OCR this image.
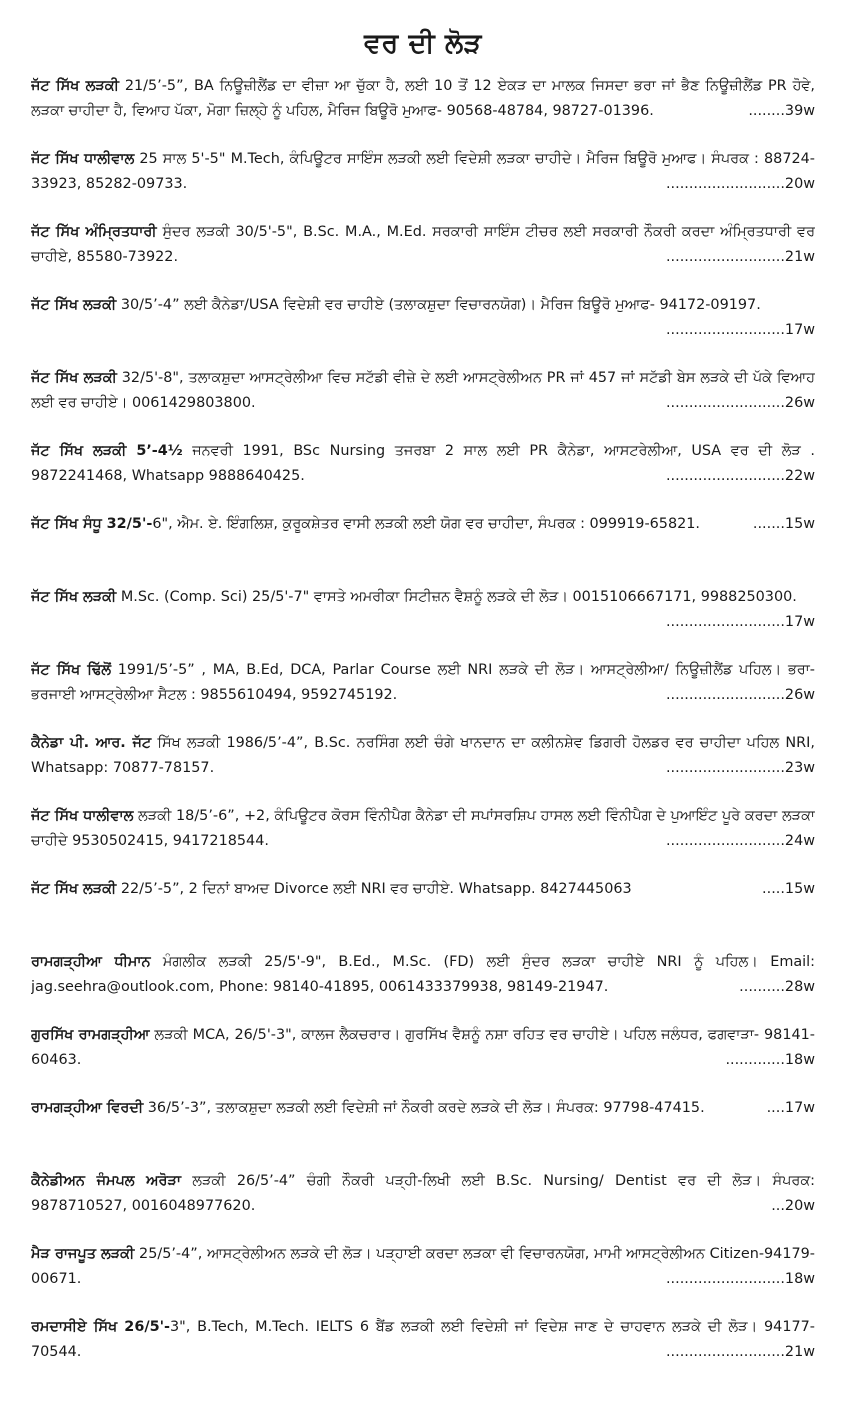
ਵਰ ਦੀ ਲੋੜ

ਜੱਟ ਸਿੱਖ ਲੜਕੀ 21/5’-5”, BA ਨਿਊਜ਼ੀਲੈਂਡ ਦਾ ਵੀਜ਼ਾ ਆ ਚੁੱਕਾ ਹੈ, ਲਈ 10 ਤੋਂ 12 ਏਕੜ ਦਾ ਮਾਲਕ ਜਿਸਦਾ ਭਰਾ ਜਾਂ ਭੈਣ ਨਿਊਜ਼ੀਲੈਂਡ PR ਹੋਵੇ, ਲੜਕਾ ਚਾਹੀਦਾ ਹੈ, ਵਿਆਹ ਪੱਕਾ, ਮੋਗਾ ਜ਼ਿਲ੍ਹੇ ਨੂੰ ਪਹਿਲ, ਮੈਰਿਜ ਬਿਊਰੋ ਮੁਆਫ- 90568-48784, 98727-01396.	........39w

ਜੱਟ ਸਿੱਖ ਧਾਲੀਵਾਲ 25 ਸਾਲ 5'-5" M.Tech, ਕੰਪਿਊਟਰ ਸਾਇੰਸ ਲੜਕੀ ਲਈ ਵਿਦੇਸ਼ੀ ਲੜਕਾ ਚਾਹੀਦੇ। ਮੈਰਿਜ ਬਿਊਰੋ ਮੁਆਫ। ਸੰਪਰਕ : 88724-33923, 85282-09733.	..........................20w

ਜੱਟ ਸਿੱਖ ਅੰਮ੍ਰਿਤਧਾਰੀ ਸੁੰਦਰ ਲੜਕੀ 30/5'-5", B.Sc. M.A., M.Ed. ਸਰਕਾਰੀ ਸਾਇੰਸ ਟੀਚਰ ਲਈ ਸਰਕਾਰੀ ਨੌਕਰੀ ਕਰਦਾ ਅੰਮ੍ਰਿਤਧਾਰੀ ਵਰ ਚਾਹੀਏ, 85580-73922.	..........................21w

ਜੱਟ ਸਿੱਖ ਲੜਕੀ 30/5’-4” ਲਈ ਕੈਨੇਡਾ/USA ਵਿਦੇਸ਼ੀ ਵਰ ਚਾਹੀਏ (ਤਲਾਕਸ਼ੁਦਾ ਵਿਚਾਰਨਯੋਗ)। ਮੈਰਿਜ ਬਿਊਰੋ ਮੁਆਫ- 94172-09197.
..........................17w

ਜੱਟ ਸਿੱਖ ਲੜਕੀ 32/5'-8", ਤਲਾਕਸ਼ੁਦਾ ਆਸਟ੍ਰੇਲੀਆ ਵਿਚ ਸਟੱਡੀ ਵੀਜ਼ੇ ਦੇ ਲਈ ਆਸਟ੍ਰੇਲੀਅਨ PR ਜਾਂ 457 ਜਾਂ ਸਟੱਡੀ ਬੇਸ ਲੜਕੇ ਦੀ ਪੱਕੇ ਵਿਆਹ ਲਈ ਵਰ ਚਾਹੀਏ। 0061429803800.	..........................26w

ਜੱਟ ਸਿੱਖ ਲੜਕੀ 5’-4½ ਜਨਵਰੀ 1991, BSc Nursing ਤਜਰਬਾ 2 ਸਾਲ ਲਈ PR ਕੈਨੇਡਾ, ਆਸਟਰੇਲੀਆ, USA ਵਰ ਦੀ ਲੋੜ . 9872241468, Whatsapp 9888640425.	..........................22w

ਜੱਟ ਸਿੱਖ ਸੰਧੂ 32/5'-6", ਐਮ. ਏ. ਇੰਗਲਿਸ਼, ਕੁਰੂਕਸ਼ੇਤਰ ਵਾਸੀ ਲੜਕੀ ਲਈ ਯੋਗ ਵਰ ਚਾਹੀਦਾ, ਸੰਪਰਕ : 099919-65821.	.......15w

ਜੱਟ ਸਿੱਖ ਲੜਕੀ M.Sc. (Comp. Sci) 25/5'-7" ਵਾਸਤੇ ਅਮਰੀਕਾ ਸਿਟੀਜ਼ਨ ਵੈਸ਼ਨੂੰ ਲੜਕੇ ਦੀ ਲੋੜ। 0015106667171, 9988250300.
..........................17w

ਜੱਟ ਸਿੱਖ ਢਿੱਲੋਂ 1991/5’-5” , MA, B.Ed, DCA, Parlar Course ਲਈ NRI ਲੜਕੇ ਦੀ ਲੋੜ। ਆਸਟ੍ਰੇਲੀਆ/ ਨਿਊਜ਼ੀਲੈਂਡ ਪਹਿਲ। ਭਰਾ-ਭਰਜਾਈ ਆਸਟ੍ਰੇਲੀਆ ਸੈਟਲ : 9855610494, 9592745192.	..........................26w

ਕੈਨੇਡਾ ਪੀ. ਆਰ. ਜੱਟ ਸਿੱਖ ਲੜਕੀ 1986/5’-4”, B.Sc. ਨਰਸਿੰਗ ਲਈ ਚੰਗੇ ਖਾਨਦਾਨ ਦਾ ਕਲੀਨਸ਼ੇਵ ਡਿਗਰੀ ਹੋਲਡਰ ਵਰ ਚਾਹੀਦਾ ਪਹਿਲ NRI, Whatsapp: 70877-78157.	..........................23w

ਜੱਟ ਸਿੱਖ ਧਾਲੀਵਾਲ ਲੜਕੀ 18/5’-6”, +2, ਕੰਪਿਊਟਰ ਕੋਰਸ ਵਿੰਨੀਪੈਗ ਕੈਨੇਡਾ ਦੀ ਸਪਾਂਸਰਸ਼ਿਪ ਹਾਸਲ ਲਈ ਵਿੰਨੀਪੈਗ ਦੇ ਪੁਆਇੰਟ ਪੂਰੇ ਕਰਦਾ ਲੜਕਾ ਚਾਹੀਦੇ 9530502415, 9417218544.	..........................24w

ਜੱਟ ਸਿੱਖ ਲੜਕੀ 22/5’-5”, 2 ਦਿਨਾਂ ਬਾਅਦ Divorce ਲਈ NRI ਵਰ ਚਾਹੀਏ. Whatsapp. 8427445063	.....15w

ਰਾਮਗੜ੍ਹੀਆ ਧੀਮਾਨ ਮੰਗਲੀਕ ਲੜਕੀ 25/5'-9", B.Ed., M.Sc. (FD) ਲਈ ਸੁੰਦਰ ਲੜਕਾ ਚਾਹੀਏ NRI ਨੂੰ ਪਹਿਲ। Email: jag.seehra@outlook.com, Phone: 98140-41895, 0061433379938, 98149-21947.	..........28w

ਗੁਰਸਿੱਖ ਰਾਮਗੜ੍ਹੀਆ ਲੜਕੀ MCA, 26/5'-3", ਕਾਲਜ ਲੈਕਚਰਾਰ। ਗੁਰਸਿੱਖ ਵੈਸ਼ਨੂੰ ਨਸ਼ਾ ਰਹਿਤ ਵਰ ਚਾਹੀਏ। ਪਹਿਲ ਜਲੰਧਰ, ਫਗਵਾੜਾ- 98141-60463.	.............18w

ਰਾਮਗੜ੍ਹੀਆ ਵਿਰਦੀ 36/5’-3”, ਤਲਾਕਸ਼ੁਦਾ ਲੜਕੀ ਲਈ ਵਿਦੇਸ਼ੀ ਜਾਂ ਨੌਕਰੀ ਕਰਦੇ ਲੜਕੇ ਦੀ ਲੋੜ। ਸੰਪਰਕ: 97798-47415.	....17w

ਕੈਨੇਡੀਅਨ ਜੰਮਪਲ ਅਰੋੜਾ ਲੜਕੀ 26/5’-4” ਚੰਗੀ ਨੌਕਰੀ ਪੜ੍ਹੀ-ਲਿਖੀ ਲਈ B.Sc. Nursing/ Dentist ਵਰ ਦੀ ਲੋੜ। ਸੰਪਰਕ: 9878710527, 0016048977620.	...20w

ਮੈੜ ਰਾਜਪੂਤ ਲੜਕੀ 25/5’-4”, ਆਸਟ੍ਰੇਲੀਅਨ ਲੜਕੇ ਦੀ ਲੋੜ। ਪੜ੍ਹਾਈ ਕਰਦਾ ਲੜਕਾ ਵੀ ਵਿਚਾਰਨਯੋਗ, ਮਾਮੀ ਆਸਟ੍ਰੇਲੀਅਨ Citizen-94179-00671.	..........................18w

ਰਮਦਾਸੀਏ ਸਿੱਖ 26/5'-3", B.Tech, M.Tech. IELTS 6 ਬੈਂਡ ਲੜਕੀ ਲਈ ਵਿਦੇਸ਼ੀ ਜਾਂ ਵਿਦੇਸ਼ ਜਾਣ ਦੇ ਚਾਹਵਾਨ ਲੜਕੇ ਦੀ ਲੋੜ। 94177-70544.	..........................21w
